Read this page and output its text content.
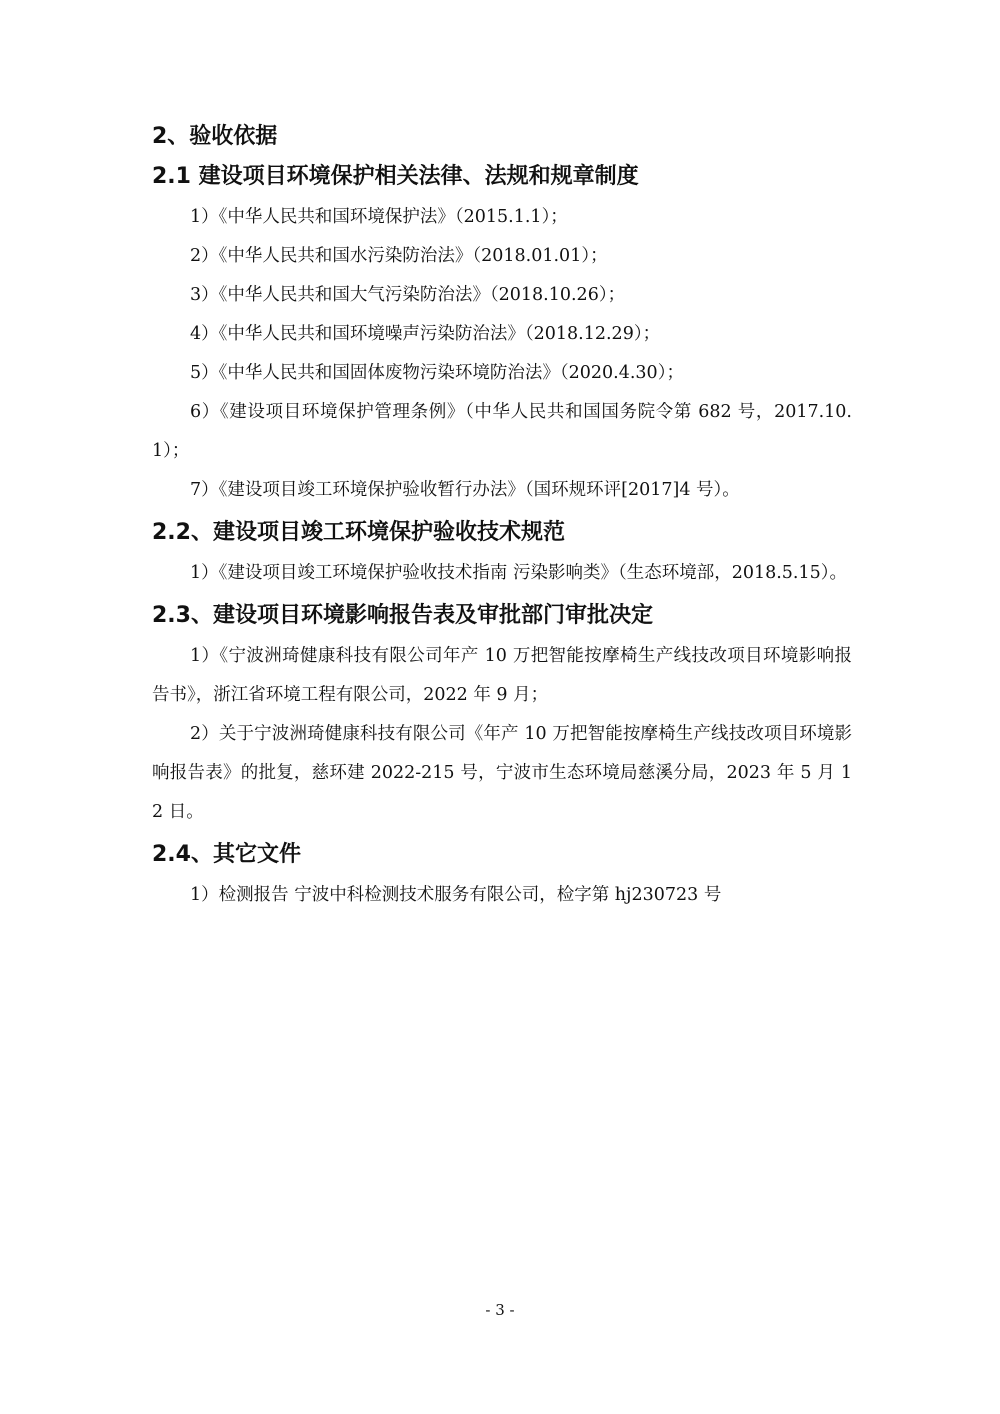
2、验收依据
2.1 建设项目环境保护相关法律、法规和规章制度

1）《中华人民共和国环境保护法》（2015.1.1）；

2）《中华人民共和国水污染防治法》（2018.01.01）；

3）《中华人民共和国大气污染防治法》（2018.10.26）；

4）《中华人民共和国环境噪声污染防治法》（2018.12.29）；

5）《中华人民共和国固体废物污染环境防治法》（2020.4.30）；

6）《建设项目环境保护管理条例》（中华人民共和国国务院令第 682 号，2017.10.1）；

7）《建设项目竣工环境保护验收暂行办法》（国环规环评[2017]4 号）。

2.2、建设项目竣工环境保护验收技术规范

1）《建设项目竣工环境保护验收技术指南 污染影响类》（生态环境部，2018.5.15）。

2.3、建设项目环境影响报告表及审批部门审批决定

1）《宁波洲琦健康科技有限公司年产 10 万把智能按摩椅生产线技改项目环境影响报告书》，浙江省环境工程有限公司，2022 年 9 月；

2）关于宁波洲琦健康科技有限公司《年产 10 万把智能按摩椅生产线技改项目环境影响报告表》的批复，慈环建 2022-215 号，宁波市生态环境局慈溪分局，2023 年 5 月 12 日。

2.4、其它文件

1）检测报告 宁波中科检测技术服务有限公司，检字第 hj230723 号

- 3 -
